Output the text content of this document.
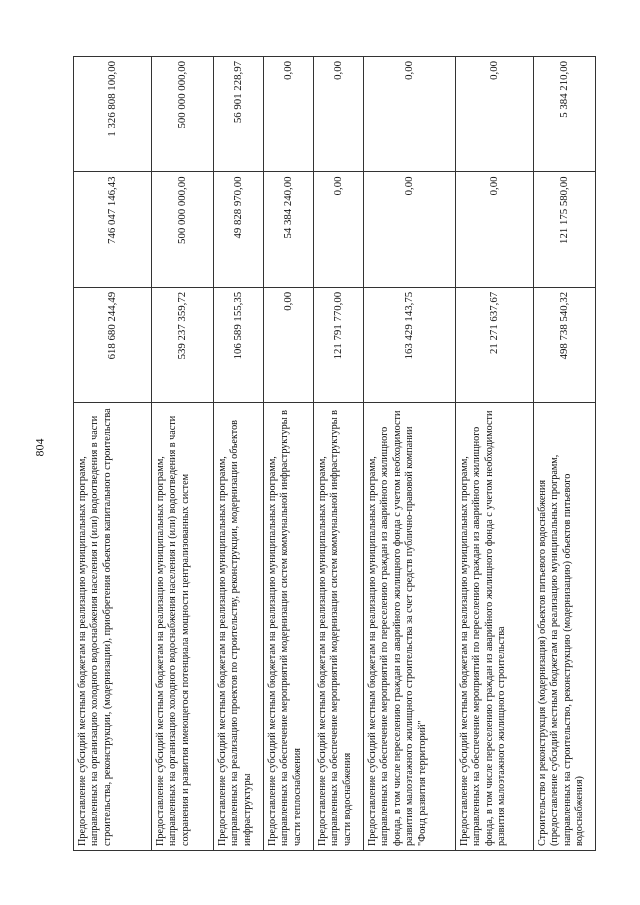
804
Предоставление субсидий местным бюджетам на реализацию муниципальных программ, направленных на организацию холодного водоснабжения населения и (или) водоотведения в части строительства, реконструкции, (модернизации), приобретения объектов капитального строительства	618 680 244,49	746 047 146,43	1 326 808 100,00
Предоставление субсидий местным бюджетам на реализацию муниципальных программ, направленных на организацию холодного водоснабжения населения и (или) водоотведения в части сохранения и развития имеющегося потенциала мощности централизованных систем	539 237 359,72	500 000 000,00	500 000 000,00
Предоставление субсидий местным бюджетам на реализацию муниципальных программ, направленных на реализацию проектов по строительству, реконструкции, модернизации объектов инфраструктуры	106 589 155,35	49 828 970,00	56 901 228,97
Предоставление субсидий местным бюджетам на реализацию муниципальных программ, направленных на обеспечение мероприятий модернизации систем коммунальной инфраструктуры в части теплоснабжения	0,00	54 384 240,00	0,00
Предоставление субсидий местным бюджетам на реализацию муниципальных программ, направленных на обеспечение мероприятий модернизации систем коммунальной инфраструктуры в части водоснабжения	121 791 770,00	0,00	0,00
Предоставление субсидий местным бюджетам на реализацию муниципальных программ, направленных на обеспечение мероприятий по переселению граждан из аварийного жилищного фонда, в том числе переселению граждан из аварийного жилищного фонда с учетом необходимости развития малоэтажного жилищного строительства за счет средств публично-правовой компании "Фонд развития территорий"	163 429 143,75	0,00	0,00
Предоставление субсидий местным бюджетам на реализацию муниципальных программ, направленных на обеспечение мероприятий по переселению граждан из аварийного жилищного фонда, в том числе переселению граждан из аварийного жилищного фонда с учетом необходимости развития малоэтажного жилищного строительства	21 271 637,67	0,00	0,00
Строительство и реконструкция (модернизация) объектов питьевого водоснабжения (предоставление субсидий местным бюджетам на реализацию муниципальных программ, направленных на строительство, реконструкцию (модернизацию) объектов питьевого водоснабжения)	498 738 540,32	121 175 580,00	5 384 210,00
